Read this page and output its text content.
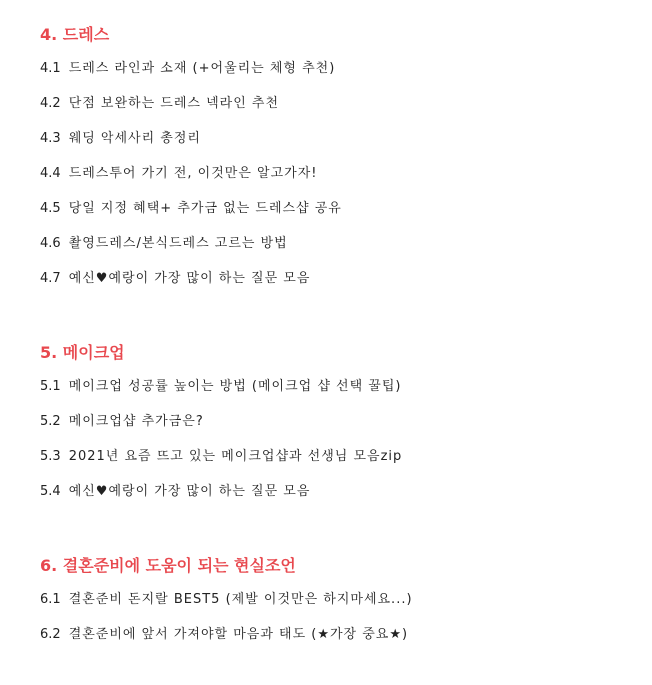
4. 드레스
4.1 드레스 라인과 소재 (+어울리는 체형 추천)
4.2 단점 보완하는 드레스 넥라인 추천
4.3 웨딩 악세사리 총정리
4.4 드레스투어 가기 전, 이것만은 알고가자!
4.5 당일 지정 혜택+ 추가금 없는 드레스샵 공유
4.6 촬영드레스/본식드레스 고르는 방법
4.7 예신♥예랑이 가장 많이 하는 질문 모음
5. 메이크업
5.1 메이크업 성공률 높이는 방법 (메이크업 샵 선택 꿀팁)
5.2 메이크업샵 추가금은?
5.3 2021년 요즘 뜨고 있는 메이크업샵과 선생님 모음zip
5.4 예신♥예랑이 가장 많이 하는 질문 모음
6. 결혼준비에 도움이 되는 현실조언
6.1 결혼준비 돈지랄 BEST5 (제발 이것만은 하지마세요...)
6.2 결혼준비에 앞서 가져야할 마음과 태도 (★가장 중요★)
